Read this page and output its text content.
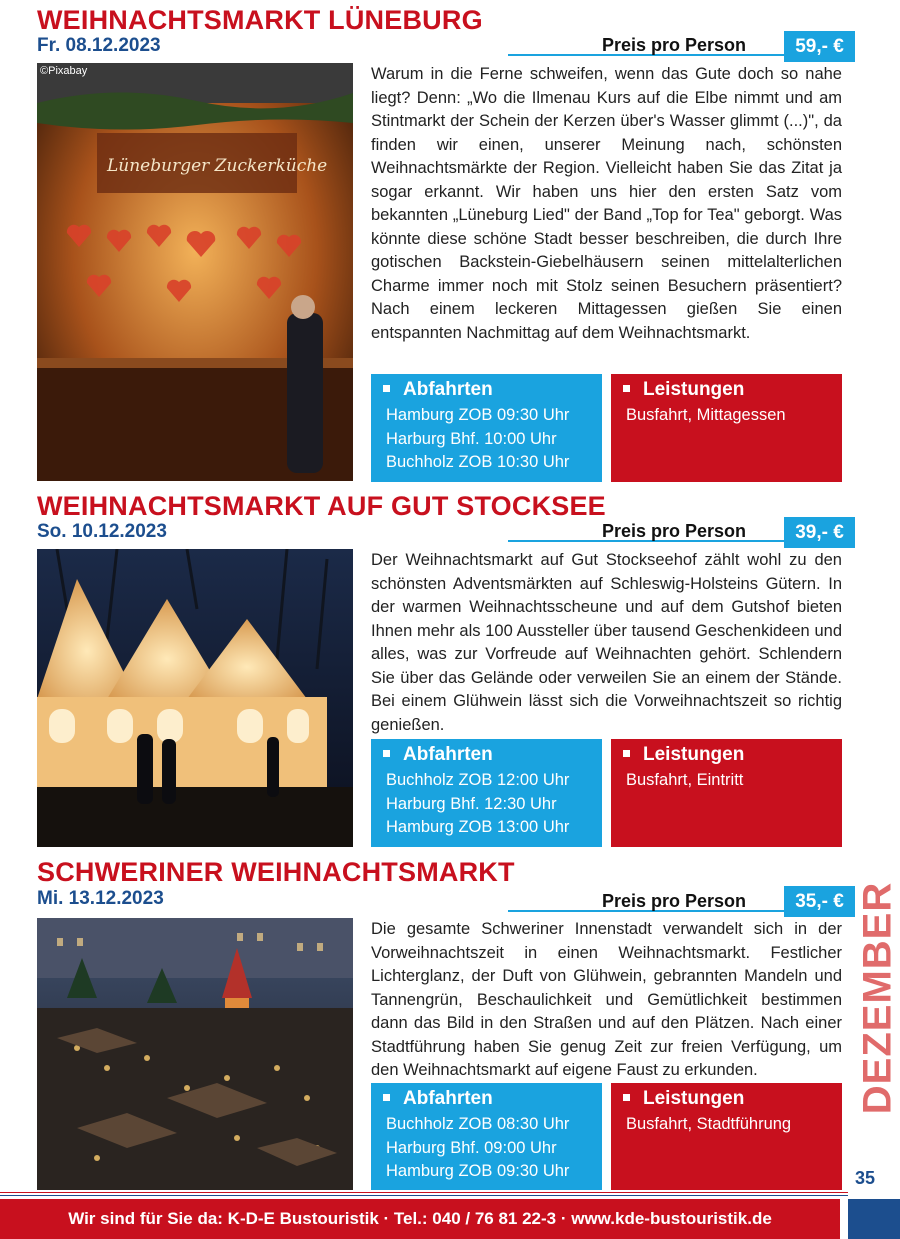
WEIHNACHTSMARKT LÜNEBURG
Fr. 08.12.2023	Preis pro Person	59,- €
Lüneburger Zuckerküche
©Pixabay	Warum in die Ferne schweifen, wenn das Gute doch so nahe liegt? Denn: „Wo die Ilmenau Kurs auf die Elbe nimmt und am Stintmarkt der Schein der Kerzen über's Wasser glimmt (...)", da finden wir einen, unserer Meinung nach, schönsten Weihnachtsmärkte der Region. Vielleicht haben Sie das Zitat ja sogar erkannt. Wir haben uns hier den ersten Satz vom bekannten „Lüneburg Lied" der Band „Top for Tea" geborgt. Was könnte diese schöne Stadt besser beschreiben, die durch Ihre gotischen Backstein-Giebelhäusern seinen mittelalterlichen Charme immer noch mit Stolz seinen Besuchern präsentiert? Nach einem leckeren Mittagessen gießen Sie einen entspannten Nachmittag auf dem Weihnachtsmarkt.
Abfahrten
Hamburg ZOB 09:30 Uhr
Harburg Bhf. 10:00 Uhr
Buchholz ZOB 10:30 Uhr
Leistungen
Busfahrt, Mittagessen
WEIHNACHTSMARKT AUF GUT STOCKSEE
So. 10.12.2023	Preis pro Person	39,- €
Der Weihnachtsmarkt auf Gut Stockseehof zählt wohl zu den schönsten Adventsmärkten auf Schleswig-Holsteins Gütern. In der warmen Weihnachtsscheune und auf dem Gutshof bieten Ihnen mehr als 100 Aussteller über tausend Geschenkideen und alles, was zur Vorfreude auf Weihnachten gehört. Schlendern Sie über das Gelände oder verweilen Sie an einem der Stände. Bei einem Glühwein lässt sich die Vorweihnachtszeit so richtig genießen.
Abfahrten
Buchholz ZOB 12:00 Uhr
Harburg Bhf. 12:30 Uhr
Hamburg ZOB 13:00 Uhr
Leistungen
Busfahrt, Eintritt
SCHWERINER WEIHNACHTSMARKT
Mi. 13.12.2023	Preis pro Person	35,- €
Die gesamte Schweriner Innenstadt verwandelt sich in der Vorweihnachtszeit in einen Weihnachtsmarkt. Festlicher Lichterglanz, der Duft von Glühwein, gebrannten Mandeln und Tannengrün, Beschaulichkeit und Gemütlichkeit bestimmen dann das Bild in den Straßen und auf den Plätzen. Nach einer Stadtführung haben Sie genug Zeit zur freien Verfügung, um den Weihnachtsmarkt auf eigene Faust zu erkunden.
Abfahrten
Buchholz ZOB 08:30 Uhr
Harburg Bhf. 09:00 Uhr
Hamburg ZOB 09:30 Uhr
Leistungen
Busfahrt, Stadtführung
DEZEMBER
35
Wir sind für Sie da: K-D-E Bustouristik · Tel.: 040 / 76 81 22-3 · www.kde-bustouristik.de
